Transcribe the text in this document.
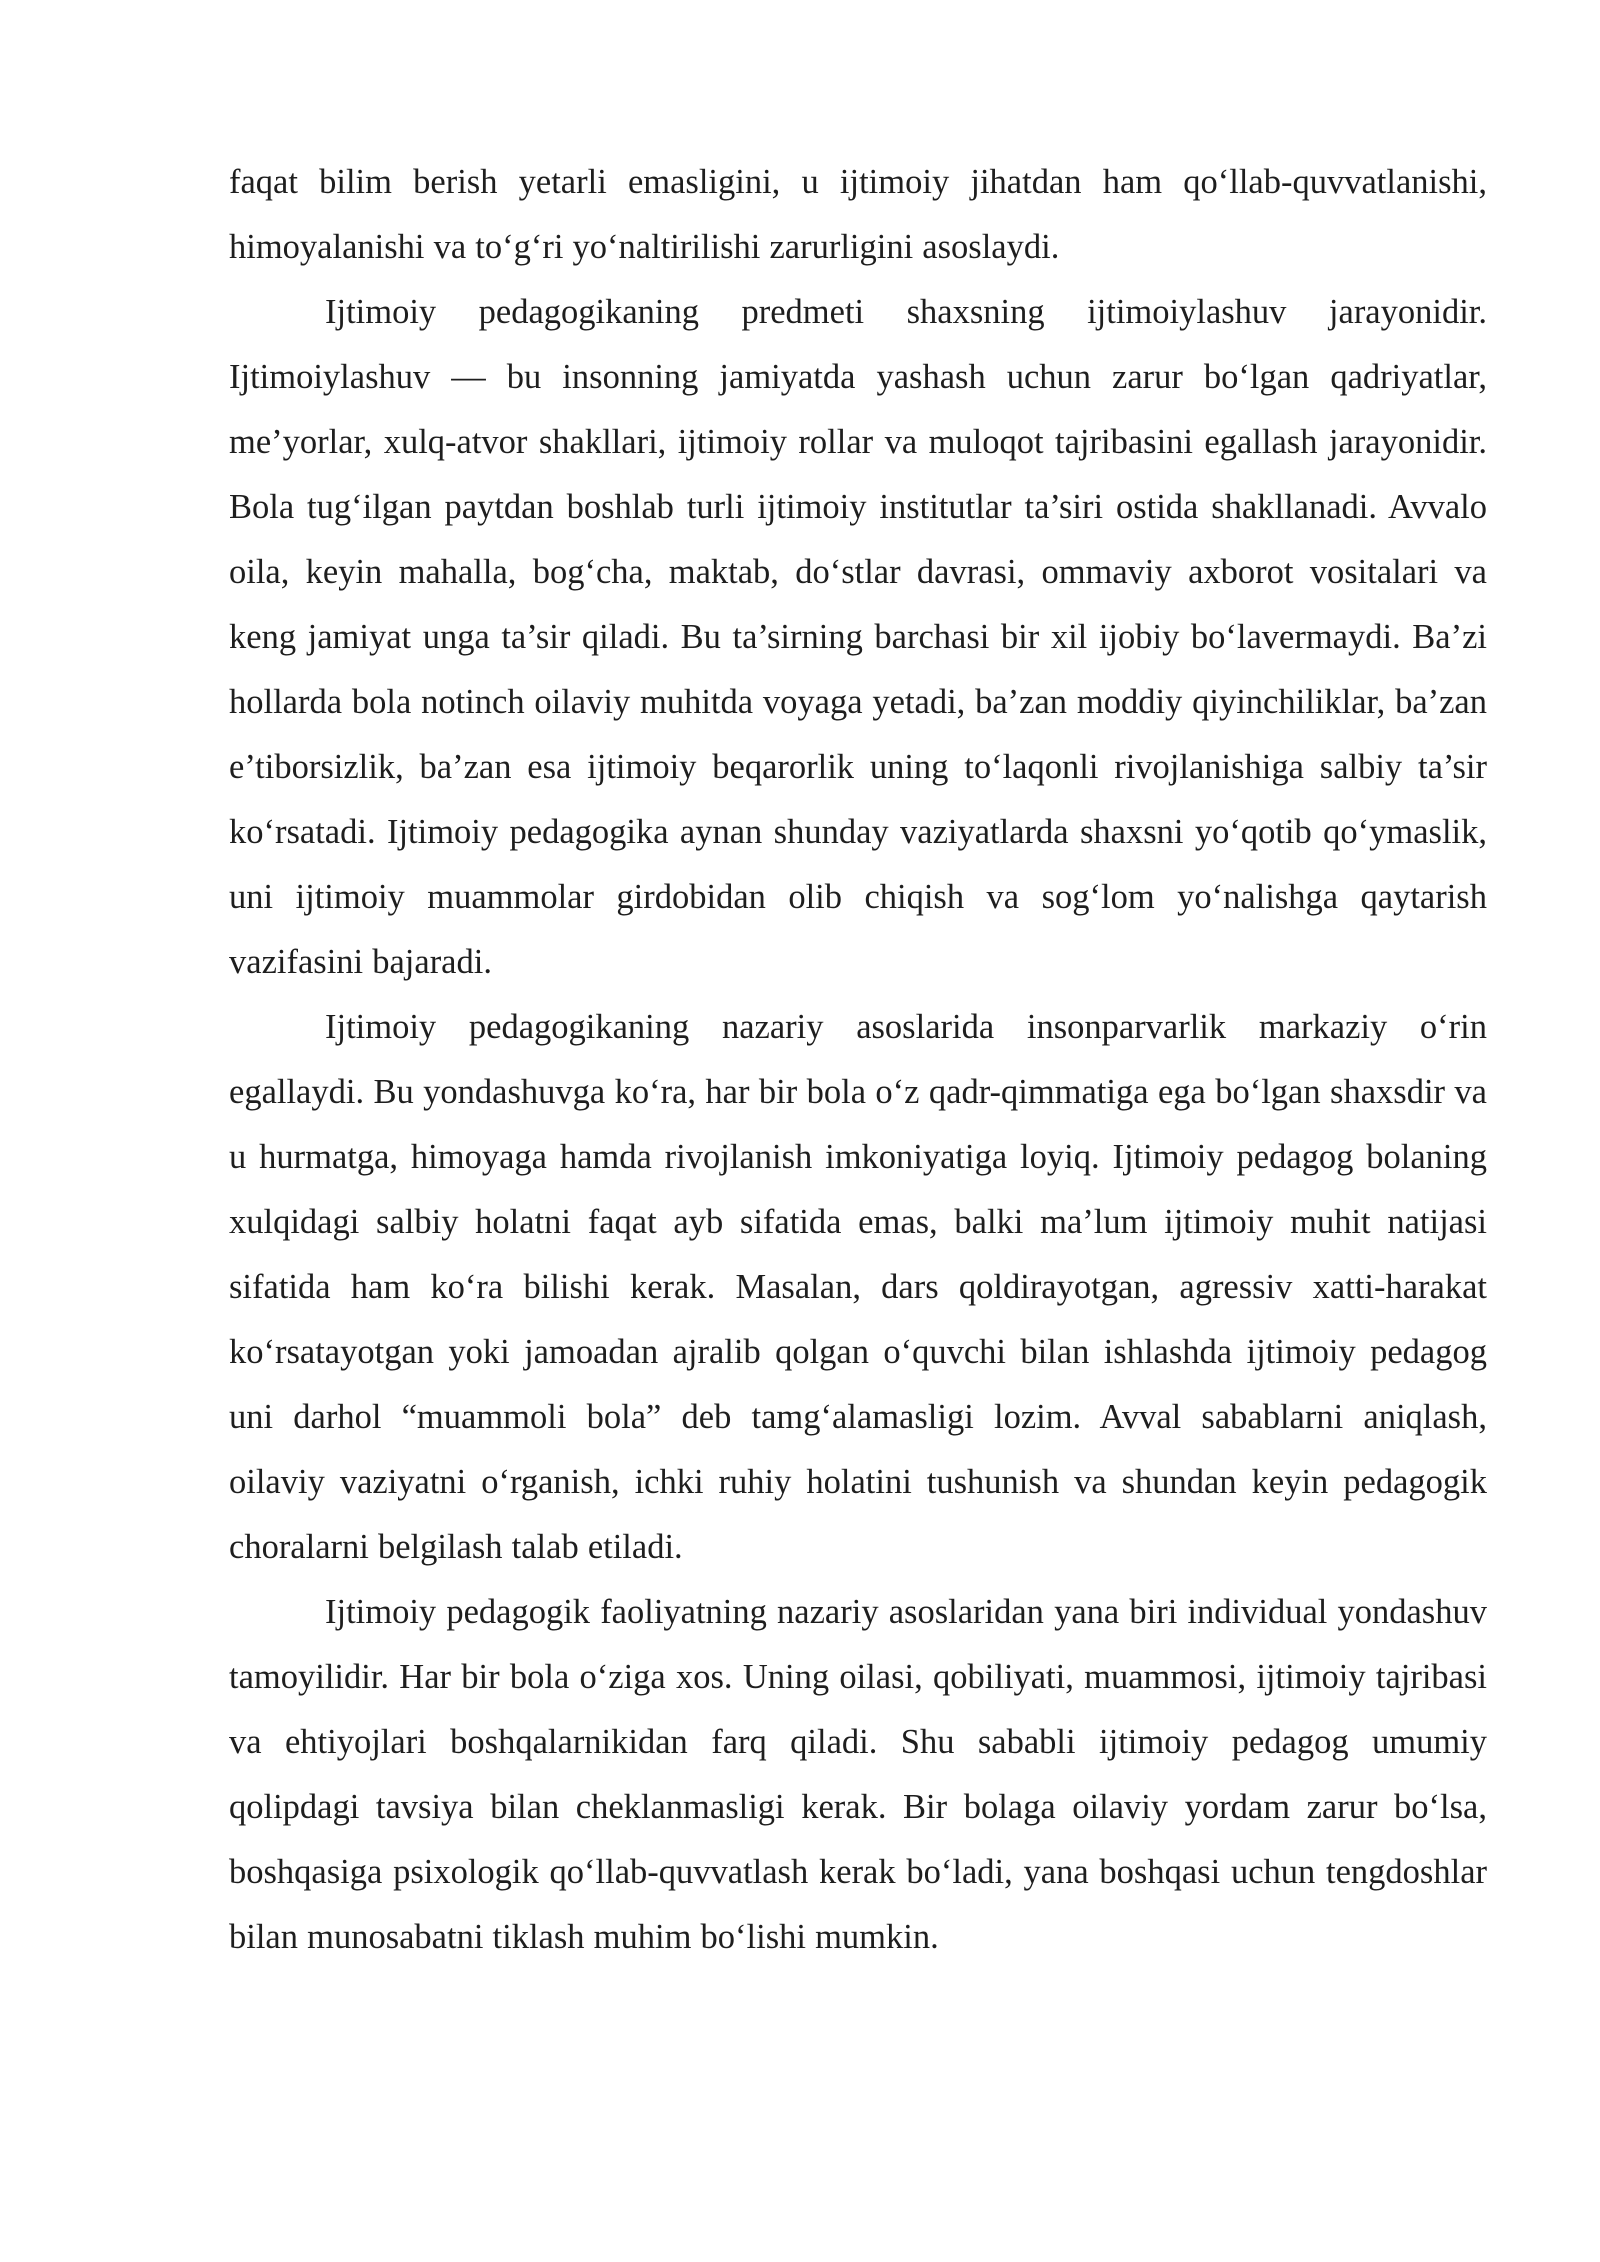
faqat bilim berish yetarli emasligini, u ijtimoiy jihatdan ham qo‘llab-quvvatlanishi, himoyalanishi va to‘g‘ri yo‘naltirilishi zarurligini asoslaydi.

Ijtimoiy pedagogikaning predmeti shaxsning ijtimoiylashuv jarayonidir. Ijtimoiylashuv — bu insonning jamiyatda yashash uchun zarur bo‘lgan qadriyatlar, me’yorlar, xulq-atvor shakllari, ijtimoiy rollar va muloqot tajribasini egallash jarayonidir. Bola tug‘ilgan paytdan boshlab turli ijtimoiy institutlar ta’siri ostida shakllanadi. Avvalo oila, keyin mahalla, bog‘cha, maktab, do‘stlar davrasi, ommaviy axborot vositalari va keng jamiyat unga ta’sir qiladi. Bu ta’sirning barchasi bir xil ijobiy bo‘lavermaydi. Ba’zi hollarda bola notinch oilaviy muhitda voyaga yetadi, ba’zan moddiy qiyinchiliklar, ba’zan e’tiborsizlik, ba’zan esa ijtimoiy beqarorlik uning to‘laqonli rivojlanishiga salbiy ta’sir ko‘rsatadi. Ijtimoiy pedagogika aynan shunday vaziyatlarda shaxsni yo‘qotib qo‘ymaslik, uni ijtimoiy muammolar girdobidan olib chiqish va sog‘lom yo‘nalishga qaytarish vazifasini bajaradi.

Ijtimoiy pedagogikaning nazariy asoslarida insonparvarlik markaziy o‘rin egallaydi. Bu yondashuvga ko‘ra, har bir bola o‘z qadr-qimmatiga ega bo‘lgan shaxsdir va u hurmatga, himoyaga hamda rivojlanish imkoniyatiga loyiq. Ijtimoiy pedagog bolaning xulqidagi salbiy holatni faqat ayb sifatida emas, balki ma’lum ijtimoiy muhit natijasi sifatida ham ko‘ra bilishi kerak. Masalan, dars qoldirayotgan, agressiv xatti-harakat ko‘rsatayotgan yoki jamoadan ajralib qolgan o‘quvchi bilan ishlashda ijtimoiy pedagog uni darhol “muammoli bola” deb tamg‘alamasligi lozim. Avval sabablarni aniqlash, oilaviy vaziyatni o‘rganish, ichki ruhiy holatini tushunish va shundan keyin pedagogik choralarni belgilash talab etiladi.

Ijtimoiy pedagogik faoliyatning nazariy asoslaridan yana biri individual yondashuv tamoyilidir. Har bir bola o‘ziga xos. Uning oilasi, qobiliyati, muammosi, ijtimoiy tajribasi va ehtiyojlari boshqalarnikidan farq qiladi. Shu sababli ijtimoiy pedagog umumiy qolipdagi tavsiya bilan cheklanmasligi kerak. Bir bolaga oilaviy yordam zarur bo‘lsa, boshqasiga psixologik qo‘llab-quvvatlash kerak bo‘ladi, yana boshqasi uchun tengdoshlar bilan munosabatni tiklash muhim bo‘lishi mumkin.
